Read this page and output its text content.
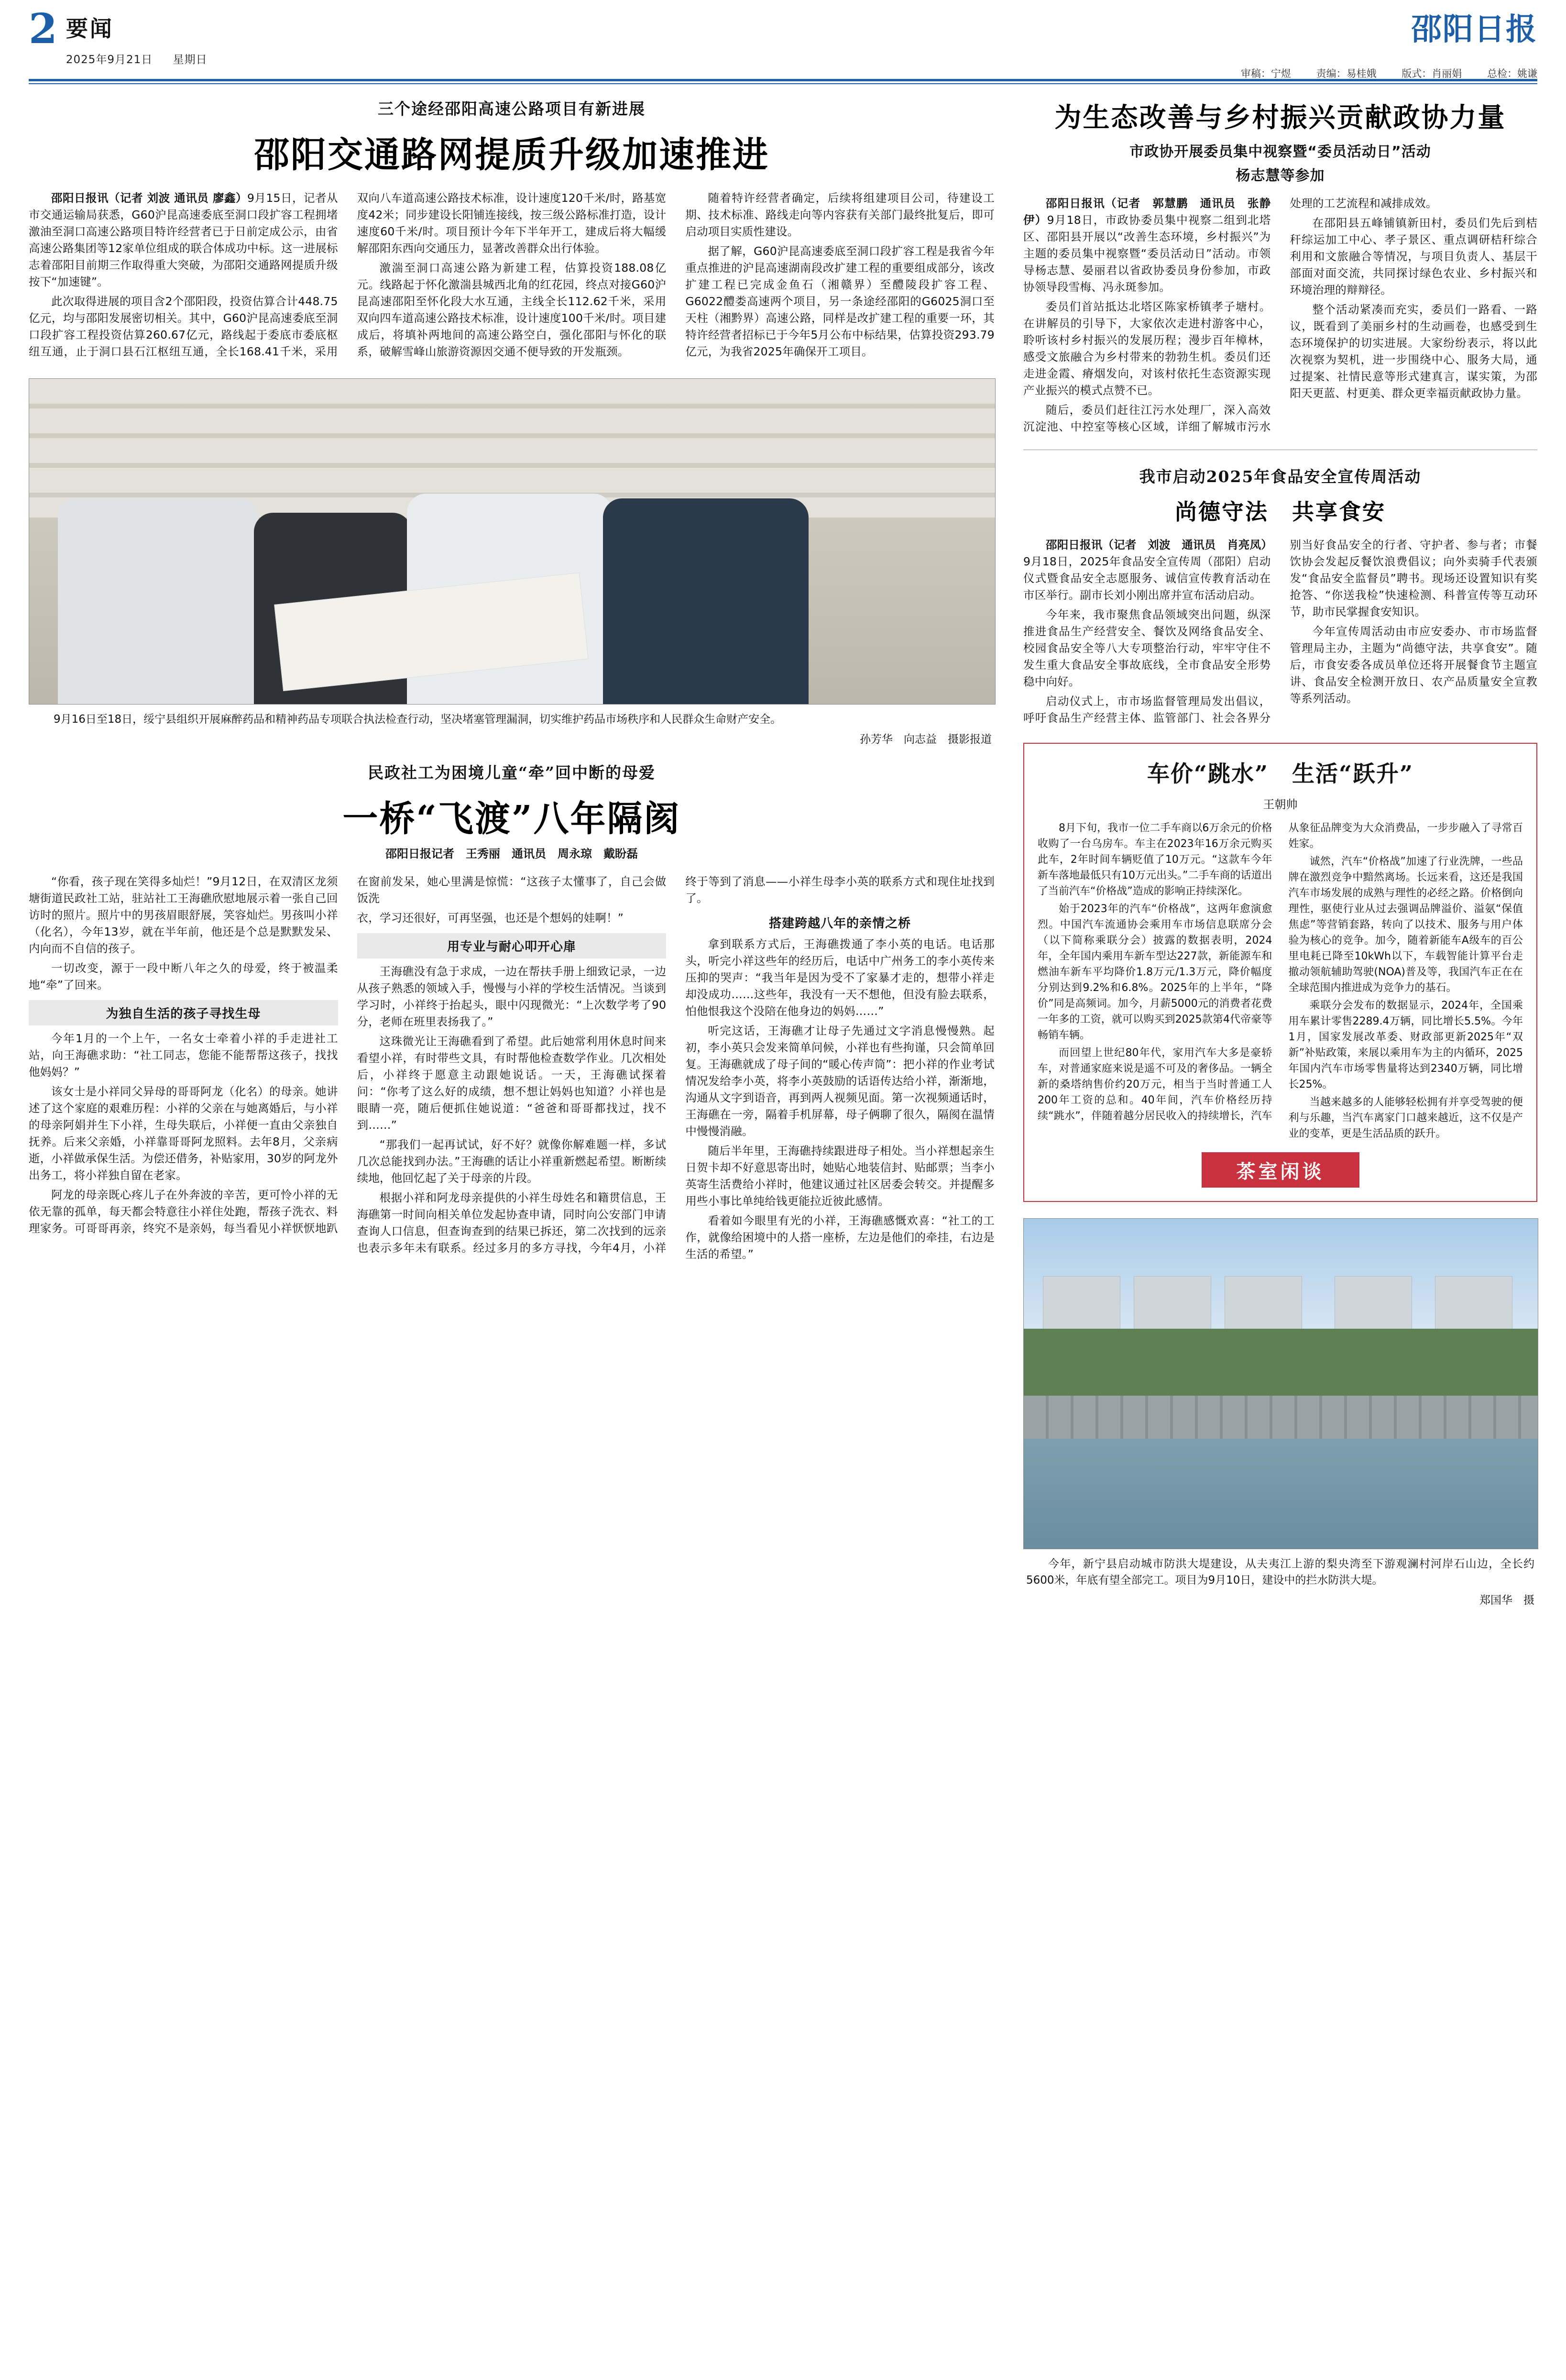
2 要闻
2025年9月21日 星期日
邵阳日报
审稿：宁煜	责编：易桂娥	版式：肖丽娟	总检：姚谦
三个途经邵阳高速公路项目有新进展
邵阳交通路网提质升级加速推进

邵阳日报讯（记者 刘波 通讯员 廖鑫）9月15日，记者从市交通运输局获悉，G60沪昆高速委底至洞口段扩容工程拥堵激油至洞口高速公路项目特许经营者已于日前定成公示，由省高速公路集团等12家单位组成的联合体成功中标。这一进展标志着邵阳目前期三作取得重大突破，为邵阳交通路网提质升级按下“加速键”。

此次取得进展的项目含2个邵阳段，投资估算合计448.75亿元，均与邵阳发展密切相关。其中，G60沪昆高速委底至洞口段扩容工程投资估算260.67亿元，路线起于委底市委底枢纽互通，止于洞口县石江枢纽互通，全长168.41千米，采用双向八车道高速公路技术标准，设计速度120千米/时，路基宽度42米；同步建设长阳铺连接线，按三级公路标准打造，设计速度60千米/时。项目预计今年下半年开工，建成后将大幅缓解邵阳东西向交通压力，显著改善群众出行体验。

激湍至洞口高速公路为新建工程，估算投资188.08亿元。线路起于怀化激湍县城西北角的红花园，终点对接G60沪昆高速邵阳至怀化段大水互通，主线全长112.62千米，采用双向四车道高速公路技术标准，设计速度100千米/时。项目建成后，将填补两地间的高速公路空白，强化邵阳与怀化的联系，破解雪峰山旅游资源因交通不便导致的开发瓶颈。

随着特许经营者确定，后续将组建项目公司，待建设工期、技术标准、路线走向等内容获有关部门最终批复后，即可启动项目实质性建设。

据了解，G60沪昆高速委底至洞口段扩容工程是我省今年重点推进的沪昆高速湖南段改扩建工程的重要组成部分，该改扩建工程已完成金鱼石（湘赣界）至醴陵段扩容工程、G6022醴娄高速两个项目，另一条途经邵阳的G6025洞口至天柱（湘黔界）高速公路，同样是改扩建工程的重要一环，其特许经营者招标已于今年5月公布中标结果，估算投资293.79亿元，为我省2025年确保开工项目。

9月16日至18日，绥宁县组织开展麻醉药品和精神药品专项联合执法检查行动，坚决堵塞管理漏洞，切实维护药品市场秩序和人民群众生命财产安全。
孙芳华　向志益　摄影报道
民政社工为困境儿童“牵”回中断的母爱
一桥“飞渡”八年隔阂
邵阳日报记者　王秀丽　通讯员　周永琼　戴盼磊

“你看，孩子现在笑得多灿烂！”9月12日，在双清区龙须塘街道民政社工站，驻站社工王海礁欣慰地展示着一张自己回访时的照片。照片中的男孩眉眼舒展，笑容灿烂。男孩叫小祥（化名），今年13岁，就在半年前，他还是个总是默默发呆、内向而不自信的孩子。

一切改变，源于一段中断八年之久的母爱，终于被温柔地“牵”了回来。

为独自生活的孩子寻找生母

今年1月的一个上午，一名女士牵着小祥的手走进社工站，向王海礁求助：“社工同志，您能不能帮帮这孩子，找找他妈妈？”

该女士是小祥同父异母的哥哥阿龙（化名）的母亲。她讲述了这个家庭的艰难历程：小祥的父亲在与她离婚后，与小祥的母亲阿娟并生下小祥，生母失联后，小祥便一直由父亲独自抚养。后来父亲婚，小祥靠哥哥阿龙照料。去年8月，父亲病逝，小祥做承保生活。为偿还借务，补贴家用，30岁的阿龙外出务工，将小祥独自留在老家。

阿龙的母亲既心疼儿子在外奔波的辛苦，更可怜小祥的无依无靠的孤单，每天都会特意往小祥住处跑，帮孩子洗衣、料理家务。可哥哥再亲，终究不是亲妈，每当看见小祥恹恹地趴在窗前发呆，她心里满是惊慌：“这孩子太懂事了，自己会做饭洗

衣，学习还很好，可再坚强，也还是个想妈的娃啊！”

用专业与耐心叩开心扉

王海礁没有急于求成，一边在帮扶手册上细致记录，一边从孩子熟悉的领域入手，慢慢与小祥的学校生活情况。当谈到学习时，小祥终于抬起头，眼中闪现微光：“上次数学考了90分，老师在班里表扬我了。”

这珠微光让王海礁看到了希望。此后她常利用休息时间来看望小祥，有时带些文具，有时帮他检查数学作业。几次相处后，小祥终于愿意主动跟她说话。一天，王海礁试探着问：“你考了这么好的成绩，想不想让妈妈也知道？小祥也是眼睛一亮，随后便抓住她说道：“爸爸和哥哥都找过，找不到……”

“那我们一起再试试，好不好？就像你解难题一样，多试几次总能找到办法。”王海礁的话让小祥重新燃起希望。断断续续地，他回忆起了关于母亲的片段。

根据小祥和阿龙母亲提供的小祥生母姓名和籍贯信息，王海礁第一时间向相关单位发起协查申请，同时向公安部门申请查询人口信息，但查询查到的结果已拆还，第二次找到的远亲也表示多年未有联系。经过多月的多方寻找，今年4月，小祥终于等到了消息——小祥生母李小英的联系方式和现住址找到了。

搭建跨越八年的亲情之桥

拿到联系方式后，王海礁拨通了李小英的电话。电话那头，听完小祥这些年的经历后，电话中广州务工的李小英传来压抑的哭声：“我当年是因为受不了家暴才走的，想带小祥走却没成功……这些年，我没有一天不想他，但没有脸去联系，怕他恨我这个没陪在他身边的妈妈……”

听完这话，王海礁才让母子先通过文字消息慢慢熟。起初，李小英只会发来简单问候，小祥也有些拘谨，只会简单回复。王海礁就成了母子间的“暖心传声筒”：把小祥的作业考试情况发给李小英，将李小英鼓励的话语传达给小祥，渐渐地，沟通从文字到语音，再到两人视频见面。第一次视频通话时，王海礁在一旁，隔着手机屏幕，母子俩聊了很久，隔阂在温情中慢慢消融。

随后半年里，王海礁持续跟进母子相处。当小祥想起亲生日贺卡却不好意思寄出时，她贴心地装信封、贴邮票；当李小英寄生活费给小祥时，他建议通过社区居委会转交。并提醒多用些小事比单纯给钱更能拉近彼此感情。

看着如今眼里有光的小祥，王海礁感慨欢喜：“社工的工作，就像给困境中的人搭一座桥，左边是他们的牵挂，右边是生活的希望。”

为生态改善与乡村振兴贡献政协力量
市政协开展委员集中视察暨“委员活动日”活动
杨志慧等参加

邵阳日报讯（记者　郭慧鹏　通讯员　张静伊）9月18日，市政协委员集中视察二组到北塔区、邵阳县开展以“改善生态环境，乡村振兴”为主题的委员集中视察暨“委员活动日”活动。市领导杨志慧、晏丽君以省政协委员身份参加，市政协领导段雪梅、冯永斑参加。

委员们首站抵达北塔区陈家桥镇孝子塘村。在讲解员的引导下，大家依次走进村游客中心，聆听该村乡村振兴的发展历程；漫步百年樟林，感受文旅融合为乡村带来的勃勃生机。委员们还走进金霞、瘠烟发向，对该村依托生态资源实现产业振兴的模式点赞不已。

随后，委员们赶往江污水处理厂，深入高效沉淀池、中控室等核心区域，详细了解城市污水处理的工艺流程和减排成效。

在邵阳县五峰铺镇新田村，委员们先后到桔秆综运加工中心、孝子景区、重点调研桔秆综合利用和文旅融合等情况，与项目负责人、基层干部面对面交流，共同探讨绿色农业、乡村振兴和环境治理的辩辩径。

整个活动紧凑而充实，委员们一路看、一路议，既看到了美丽乡村的生动画卷，也感受到生态环境保护的切实进展。大家纷纷表示，将以此次视察为契机，进一步围绕中心、服务大局，通过提案、社情民意等形式建真言，谋实策，为邵阳天更蓝、村更美、群众更幸福贡献政协力量。

我市启动2025年食品安全宣传周活动
尚德守法　共享食安

邵阳日报讯（记者　刘波　通讯员　肖亮凤）9月18日，2025年食品安全宣传周（邵阳）启动仪式暨食品安全志愿服务、诚信宣传教育活动在市区举行。副市长刘小刚出席并宣布活动启动。

今年来，我市聚焦食品领域突出问题，纵深推进食品生产经营安全、餐饮及网络食品安全、校园食品安全等八大专项整治行动，牢牢守住不发生重大食品安全事故底线，全市食品安全形势稳中向好。

启动仪式上，市市场监督管理局发出倡议，呼吁食品生产经营主体、监管部门、社会各界分别当好食品安全的行者、守护者、参与者；市餐饮协会发起反餐饮浪费倡议；向外卖骑手代表颁发“食品安全监督员”聘书。现场还设置知识有奖抢答、“你送我检”快速检测、科普宣传等互动环节，助市民掌握食安知识。

今年宣传周活动由市应安委办、市市场监督管理局主办，主题为“尚德守法，共享食安”。随后，市食安委各成员单位还将开展餐食节主题宣讲、食品安全检测开放日、农产品质量安全宣教等系列活动。

车价“跳水”　生活“跃升”
王朝帅

8月下旬，我市一位二手车商以6万余元的价格收购了一台乌房车。车主在2023年16万余元购买此车，2年时间车辆贬值了10万元。“这款车今年新车落地最低只有10万元出头。”二手车商的话道出了当前汽车“价格战”造成的影响正持续深化。

始于2023年的汽车“价格战”，这两年愈演愈烈。中国汽车流通协会乘用车市场信息联席分会（以下简称乘联分会）披露的数据表明，2024年，全年国内乘用车新车型达227款，新能源车和燃油车新车平均降价1.8万元/1.3万元，降价幅度分别达到9.2%和6.8%。2025年的上半年，“降价”同是高频词。加今，月薪5000元的消费者花费一年多的工资，就可以购买到2025款第4代帝豪等畅销车辆。

而回望上世纪80年代，家用汽车大多是豪轿车，对普通家庭来说是遥不可及的奢侈品。一辆全新的桑塔纳售价约20万元，相当于当时普通工人200年工资的总和。40年间，汽车价格经历持续“跳水”，伴随着越分居民收入的持续增长，汽车从象征品牌变为大众消费品，一步步融入了寻常百姓家。

诚然，汽车“价格战”加速了行业洗牌，一些品牌在激烈竞争中黯然离场。长远来看，这还是我国汽车市场发展的成熟与理性的必经之路。价格倒向理性，驱使行业从过去强调品牌溢价、溢氨“保值焦虑”等营销套路，转向了以技术、服务与用户体验为核心的竞争。加今，随着新能车A级车的百公里电耗已降至10kWh以下，车载智能计算平台走撤动领航辅助驾驶(NOA)普及等，我国汽车正在在全球范围内推进成为竞争力的基石。

乘联分会发布的数据显示，2024年，全国乘用车累计零售2289.4万辆，同比增长5.5%。今年1月，国家发展改革委、财政部更新2025年“双新”补贴政策，来展以乘用车为主的内循环，2025年国内汽车市场零售量将达到2340万辆，同比增长25%。

当越来越多的人能够轻松拥有并享受驾驶的便利与乐趣，当汽车离家门口越来越近，这不仅是产业的变革，更是生活品质的跃升。

茶室闲谈
今年，新宁县启动城市防洪大堤建设，从夫夷江上游的梨央湾至下游观澜村河岸石山边，全长约5600米，年底有望全部完工。项目为9月10日，建设中的拦水防洪大堤。
郑国华　摄
